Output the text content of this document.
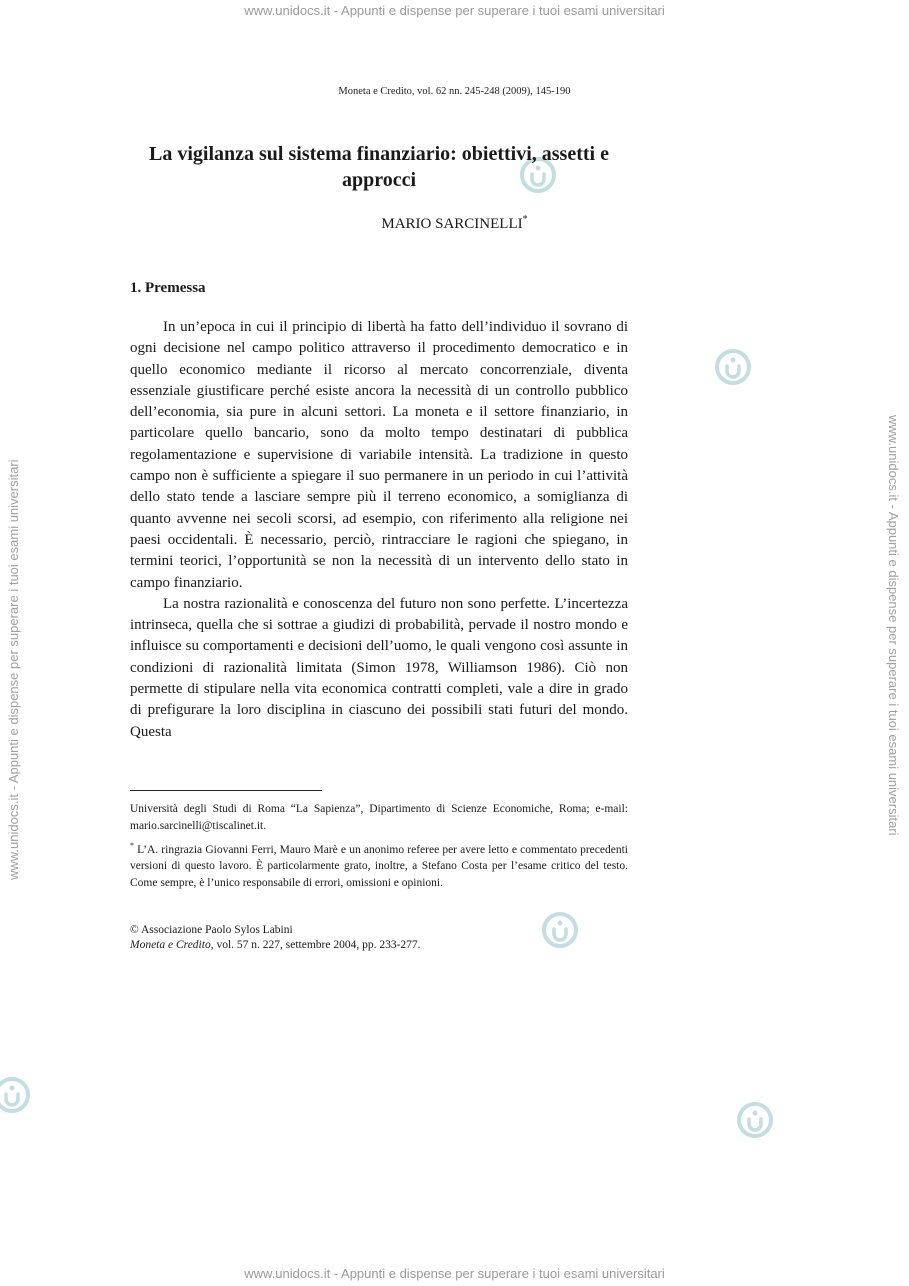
www.unidocs.it - Appunti e dispense per superare i tuoi esami universitari
www.unidocs.it - Appunti e dispense per superare i tuoi esami universitari
www.unidocs.it - Appunti e dispense per superare i tuoi esami universitari	www.unidocs.it - Appunti e dispense per superare i tuoi esami universitari
Moneta e Credito, vol. 62 nn. 245-248 (2009), 145-190
La vigilanza sul sistema finanziario: obiettivi, assetti e approcci
MARIO SARCINELLI*
1. Premessa

In un’epoca in cui il principio di libertà ha fatto dell’individuo il sovrano di ogni decisione nel campo politico attraverso il procedimento democratico e in quello economico mediante il ricorso al mercato concorrenziale, diventa essenziale giustificare perché esiste ancora la necessità di un controllo pubblico dell’economia, sia pure in alcuni settori. La moneta e il settore finanziario, in particolare quello bancario, sono da molto tempo destinatari di pubblica regolamentazione e supervisione di variabile intensità. La tradizione in questo campo non è sufficiente a spiegare il suo permanere in un periodo in cui l’attività dello stato tende a lasciare sempre più il terreno economico, a somiglianza di quanto avvenne nei secoli scorsi, ad esempio, con riferimento alla religione nei paesi occidentali. È necessario, perciò, rintracciare le ragioni che spiegano, in termini teorici, l’opportunità se non la necessità di un intervento dello stato in campo finanziario.

La nostra razionalità e conoscenza del futuro non sono perfette. L’incertezza intrinseca, quella che si sottrae a giudizi di probabilità, pervade il nostro mondo e influisce su comportamenti e decisioni dell’uomo, le quali vengono così assunte in condizioni di razionalità limitata (Simon 1978, Williamson 1986). Ciò non permette di stipulare nella vita economica contratti completi, vale a dire in grado di prefigurare la loro disciplina in ciascuno dei possibili stati futuri del mondo. Questa

Università degli Studi di Roma “La Sapienza”, Dipartimento di Scienze Economiche, Roma; e-mail: mario.sarcinelli@tiscalinet.it.

* L’A. ringrazia Giovanni Ferri, Mauro Marè e un anonimo referee per avere letto e commentato precedenti versioni di questo lavoro. È particolarmente grato, inoltre, a Stefano Costa per l’esame critico del testo. Come sempre, è l’unico responsabile di errori, omissioni e opinioni.

© Associazione Paolo Sylos Labini

Moneta e Credito, vol. 57 n. 227, settembre 2004, pp. 233-277.
